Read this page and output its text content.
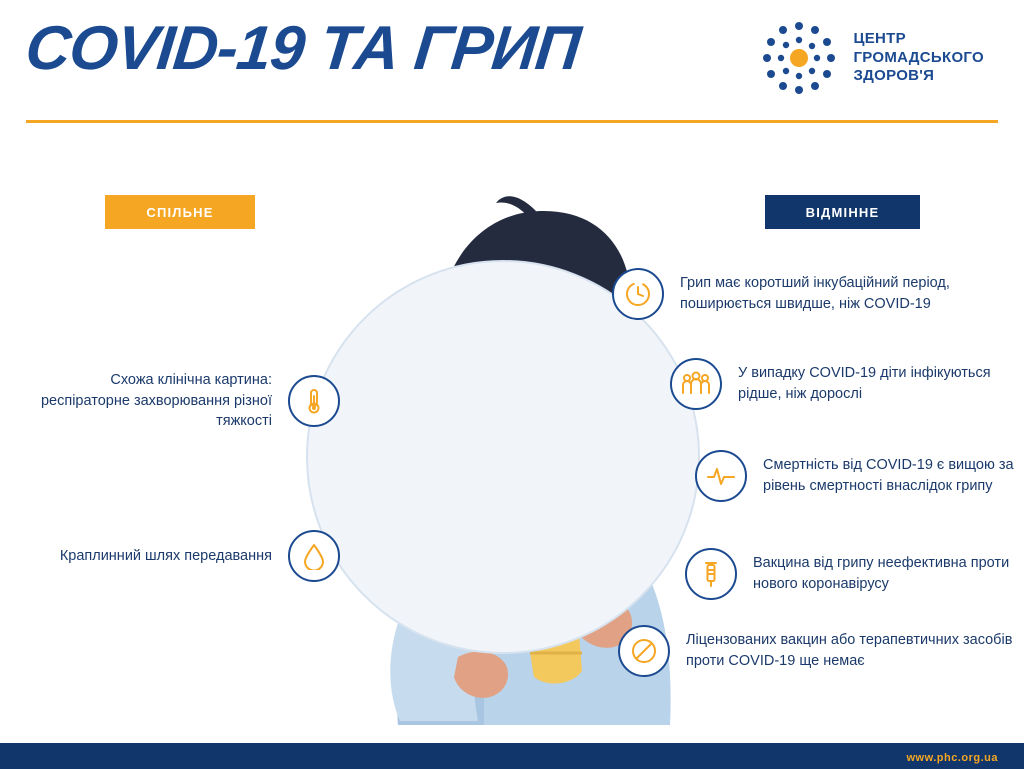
COVID-19 ТА ГРИП	ЦЕНТР
ГРОМАДСЬКОГО
ЗДОРОВ'Я
СПІЛЬНЕ	ВІДМІННЕ
Схожа клінічна картина: респіраторне захворювання різної тяжкості
Краплинний шлях передавання
Грип має коротший інкубаційний період, поширюється швидше, ніж COVID-19
У випадку COVID-19 діти інфікуються рідше, ніж дорослі
Смертність від COVID-19 є вищою за рівень смертності внаслідок грипу
Вакцина від грипу неефективна проти нового коронавірусу
Ліцензованих вакцин або терапевтичних засобів проти COVID-19 ще немає
www.phc.org.ua
